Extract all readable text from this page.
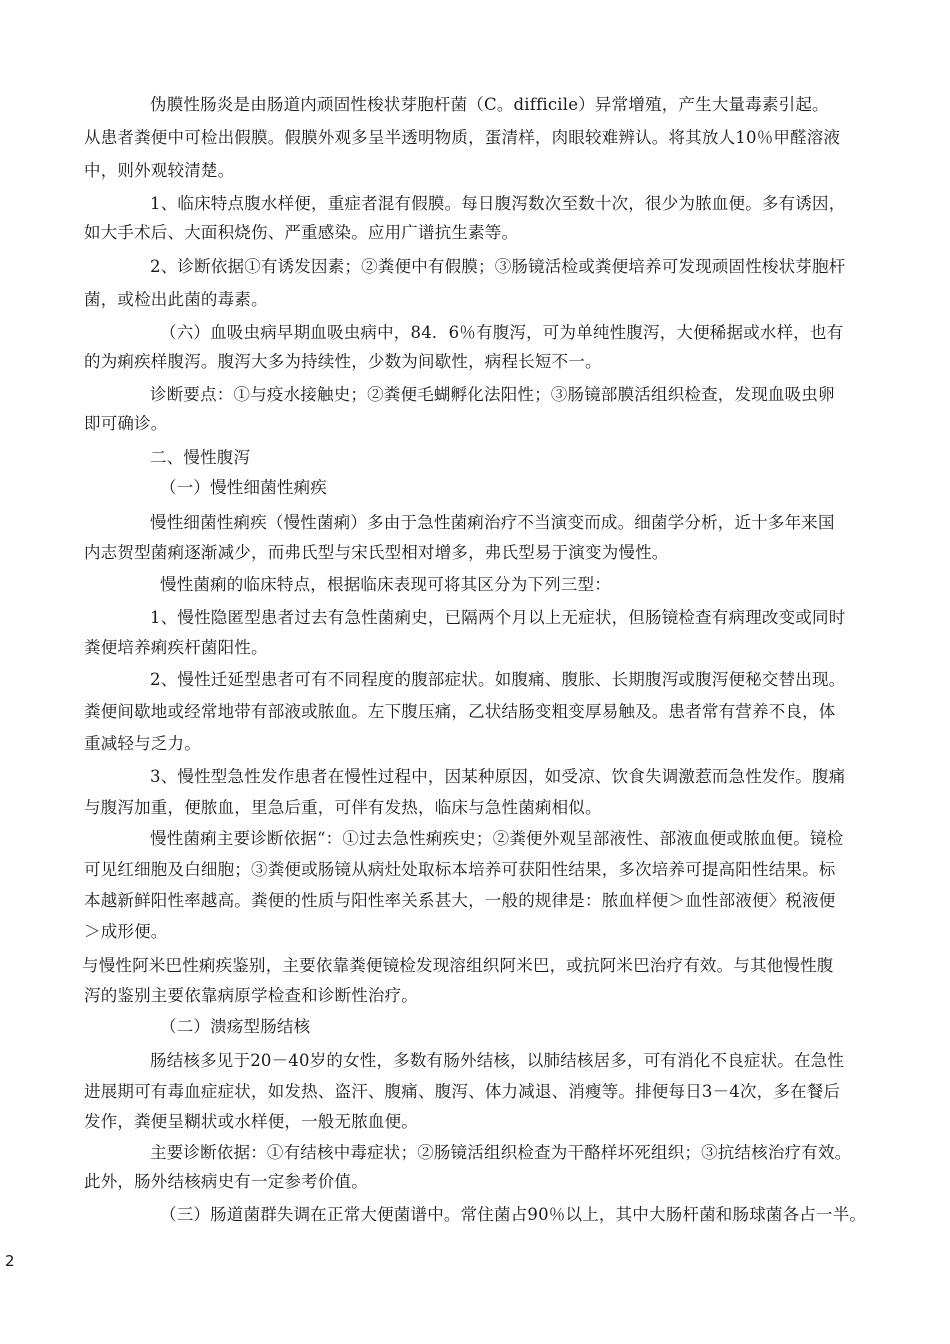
伪膜性肠炎是由肠道内顽固性梭状芽胞杆菌（C。difficile）异常增殖，产生大量毒素引起。
从患者粪便中可检出假膜。假膜外观多呈半透明物质，蛋清样，肉眼较难辨认。将其放人10％甲醛溶液
中，则外观较清楚。
1、临床特点腹水样便，重症者混有假膜。每日腹泻数次至数十次，很少为脓血便。多有诱因，
如大手术后、大面积烧伤、严重感染。应用广谱抗生素等。
2、诊断依据①有诱发因素；②粪便中有假膜；③肠镜活检或粪便培养可发现顽固性梭状芽胞杆
菌，或检出此菌的毒素。
（六）血吸虫病早期血吸虫病中，84．6％有腹泻，可为单纯性腹泻，大便稀据或水样，也有
的为痢疾样腹泻。腹泻大多为持续性，少数为间歇性，病程长短不一。
诊断要点：①与疫水接触史；②粪便毛蝴孵化法阳性；③肠镜部膜活组织检查，发现血吸虫卵
即可确诊。
二、慢性腹泻
（一）慢性细菌性痢疾
慢性细菌性痢疾（慢性菌痢）多由于急性菌痢治疗不当演变而成。细菌学分析，近十多年来国
内志贺型菌痢逐渐减少，而弗氏型与宋氏型相对增多，弗氏型易于演变为慢性。
慢性菌痢的临床特点，根据临床表现可将其区分为下列三型：
1、慢性隐匿型患者过去有急性菌痢史，已隔两个月以上无症状，但肠镜检查有病理改变或同时
粪便培养痢疾杆菌阳性。
2、慢性迁延型患者可有不同程度的腹部症状。如腹痛、腹胀、长期腹泻或腹泻便秘交替出现。
粪便间歇地或经常地带有部液或脓血。左下腹压痛，乙状结肠变粗变厚易触及。患者常有营养不良，体
重减轻与乏力。
3、慢性型急性发作患者在慢性过程中，因某种原因，如受凉、饮食失调激惹而急性发作。腹痛
与腹泻加重，便脓血，里急后重，可伴有发热，临床与急性菌痢相似。
慢性菌痢主要诊断依据“：①过去急性痢疾史；②粪便外观呈部液性、部液血便或脓血便。镜检
可见红细胞及白细胞；③粪便或肠镜从病灶处取标本培养可获阳性结果，多次培养可提高阳性结果。标
本越新鲜阳性率越高。粪便的性质与阳性率关系甚大，一般的规律是：脓血样便＞血性部液便〉税液便
＞成形便。
与慢性阿米巴性痢疾鉴别，主要依靠粪便镜检发现溶组织阿米巴，或抗阿米巴治疗有效。与其他慢性腹
泻的鉴别主要依靠病原学检查和诊断性治疗。
（二）溃疡型肠结核
肠结核多见于20－40岁的女性，多数有肠外结核，以肺结核居多，可有消化不良症状。在急性
进展期可有毒血症症状，如发热、盗汗、腹痛、腹泻、体力减退、消瘦等。排便每日3－4次，多在餐后
发作，粪便呈糊状或水样便，一般无脓血便。
主要诊断依据：①有结核中毒症状；②肠镜活组织检查为干酪样坏死组织；③抗结核治疗有效。
此外，肠外结核病史有一定参考价值。
（三）肠道菌群失调在正常大便菌谱中。常住菌占90％以上，其中大肠杆菌和肠球菌各占一半。
2
